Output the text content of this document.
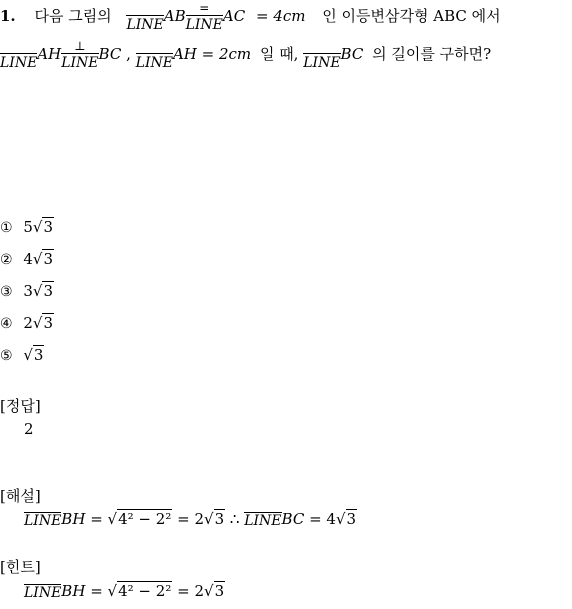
1. 다음 그림의 LINE AB $\frac{=}{\text{LINE}}$ AC = 4cm 인 이등변삼각형 ABC 에서
LINE AH $\frac{\perp}{\text{LINE}}$ BC , LINE AH = 2cm 일 때, LINE BC 의 길이를 구하면?
① 5√3
② 4√3
③ 3√3
④ 2√3
⑤ √3
[정답]
2
[해설]
LINE BH = √4² − 2² = 2√3 ∴ LINE BC = 4√3
[힌트]
LINE BH = √4² − 2² = 2√3
